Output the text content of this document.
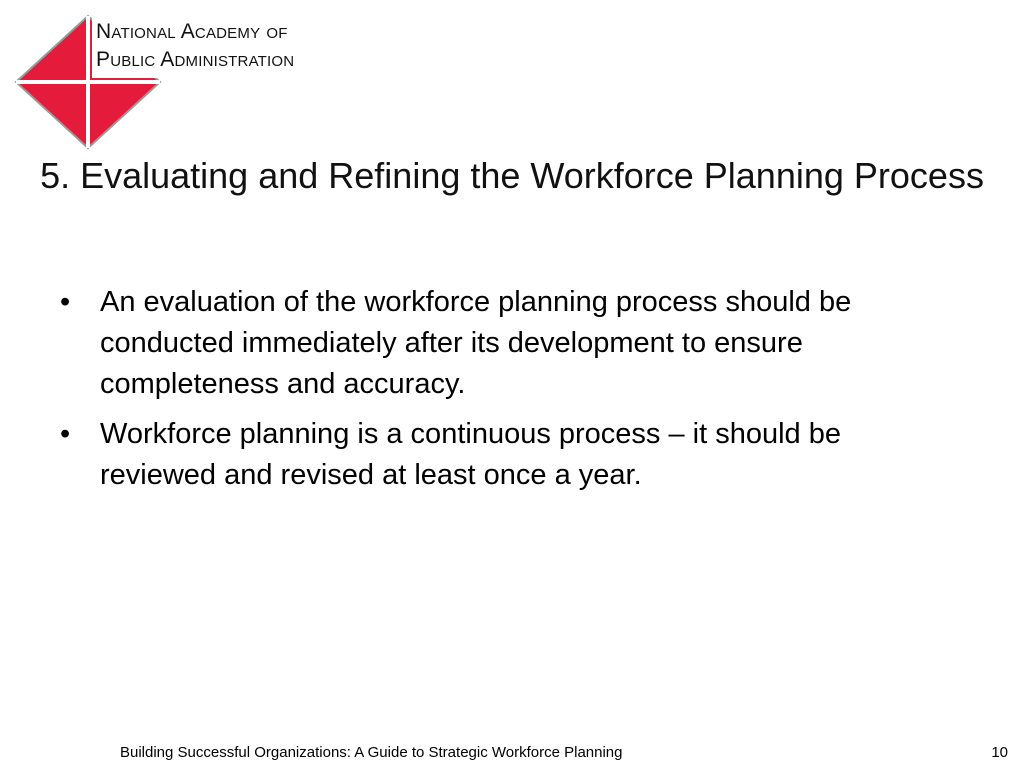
National Academy of
Public Administration
5. Evaluating and Refining the Workforce Planning Process
• An evaluation of the workforce planning process should be conducted immediately after its development to ensure completeness and accuracy.
• Workforce planning is a continuous process – it should be reviewed and revised at least once a year.
Building Successful Organizations: A Guide to Strategic Workforce Planning	10
